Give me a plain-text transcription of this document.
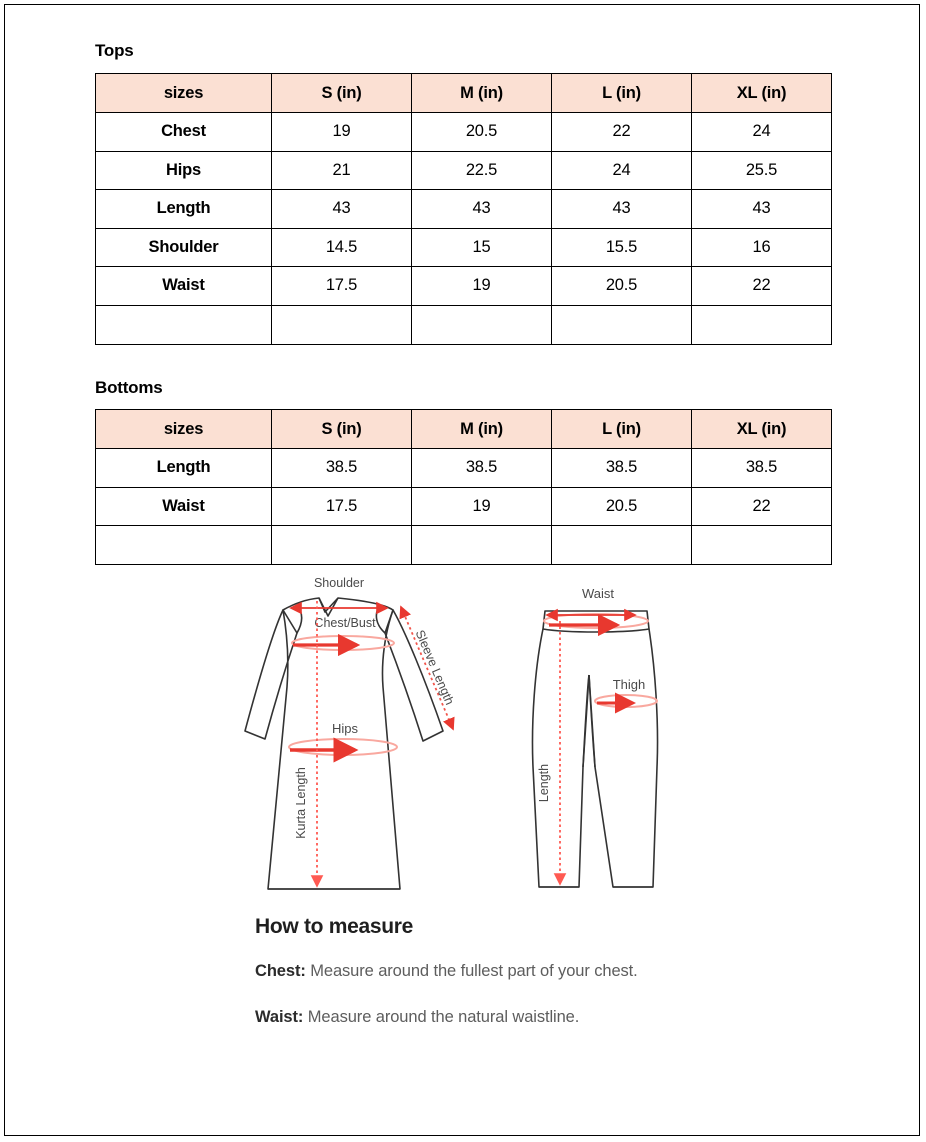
Tops
sizes	S (in)	M (in)	L (in)	XL (in)
Chest	19	20.5	22	24
Hips	21	22.5	24	25.5
Length	43	43	43	43
Shoulder	14.5	15	15.5	16
Waist	17.5	19	20.5	22

Bottoms
sizes	S (in)	M (in)	L (in)	XL (in)
Length	38.5	38.5	38.5	38.5
Waist	17.5	19	20.5	22

Shoulder
Chest/Bust
Sleeve Length
Hips
Kurta Length
Waist
Thigh
Length
How to measure
Chest: Measure around the fullest part of your chest.
Waist: Measure around the natural waistline.
